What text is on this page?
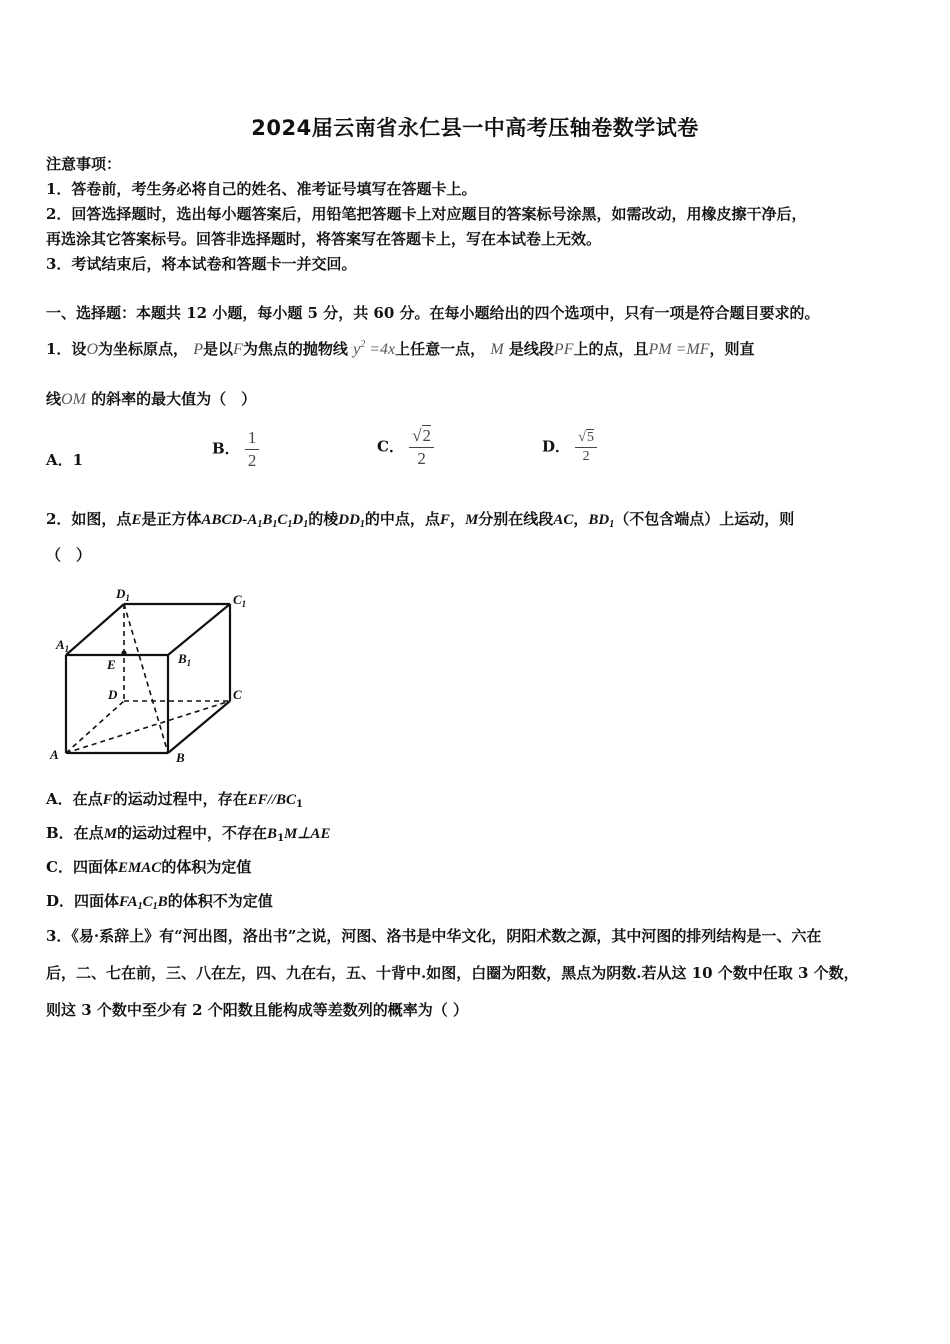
2024届云南省永仁县一中高考压轴卷数学试卷
注意事项：
1．答卷前，考生务必将自己的姓名、准考证号填写在答题卡上。
2．回答选择题时，选出每小题答案后，用铅笔把答题卡上对应题目的答案标号涂黑，如需改动，用橡皮擦干净后，
再选涂其它答案标号。回答非选择题时，将答案写在答题卡上，写在本试卷上无效。
3．考试结束后，将本试卷和答题卡一并交回。
一、选择题：本题共 12 小题，每小题 5 分，共 60 分。在每小题给出的四个选项中，只有一项是符合题目要求的。
1．设O为坐标原点， P是以F为焦点的抛物线 $y^2 =4x$上任意一点， M 是线段PF上的点，且PM =MF，则直
线OM 的斜率的最大值为（　）
A．1
B． $\frac{1}{2}$	C． $\frac{√2}{2}$	D． $\frac{√5}{2}$
2．如图，点E是正方体ABCD-$A_1B_1C_1D_1$的棱$DD_1$的中点，点F，M分别在线段AC，$BD_1$（不包含端点）上运动，则
（　）
$D_1$	$C_1$
$A_1$
$B_1$
E
D	C
A	B
A．在点F的运动过程中，存在$EF//BC_1$
B．在点M的运动过程中，不存在$B_1M\perp AE$
C．四面体EMAC的体积为定值
D．四面体$FA_1C_1B$的体积不为定值
3．《易·系辞上》有“河出图，洛出书”之说，河图、洛书是中华文化，阴阳术数之源，其中河图的排列结构是一、六在
后，二、七在前，三、八在左，四、九在右，五、十背中.如图，白圈为阳数，黑点为阴数.若从这 10 个数中任取 3 个数，
则这 3 个数中至少有 2 个阳数且能构成等差数列的概率为（ ）
